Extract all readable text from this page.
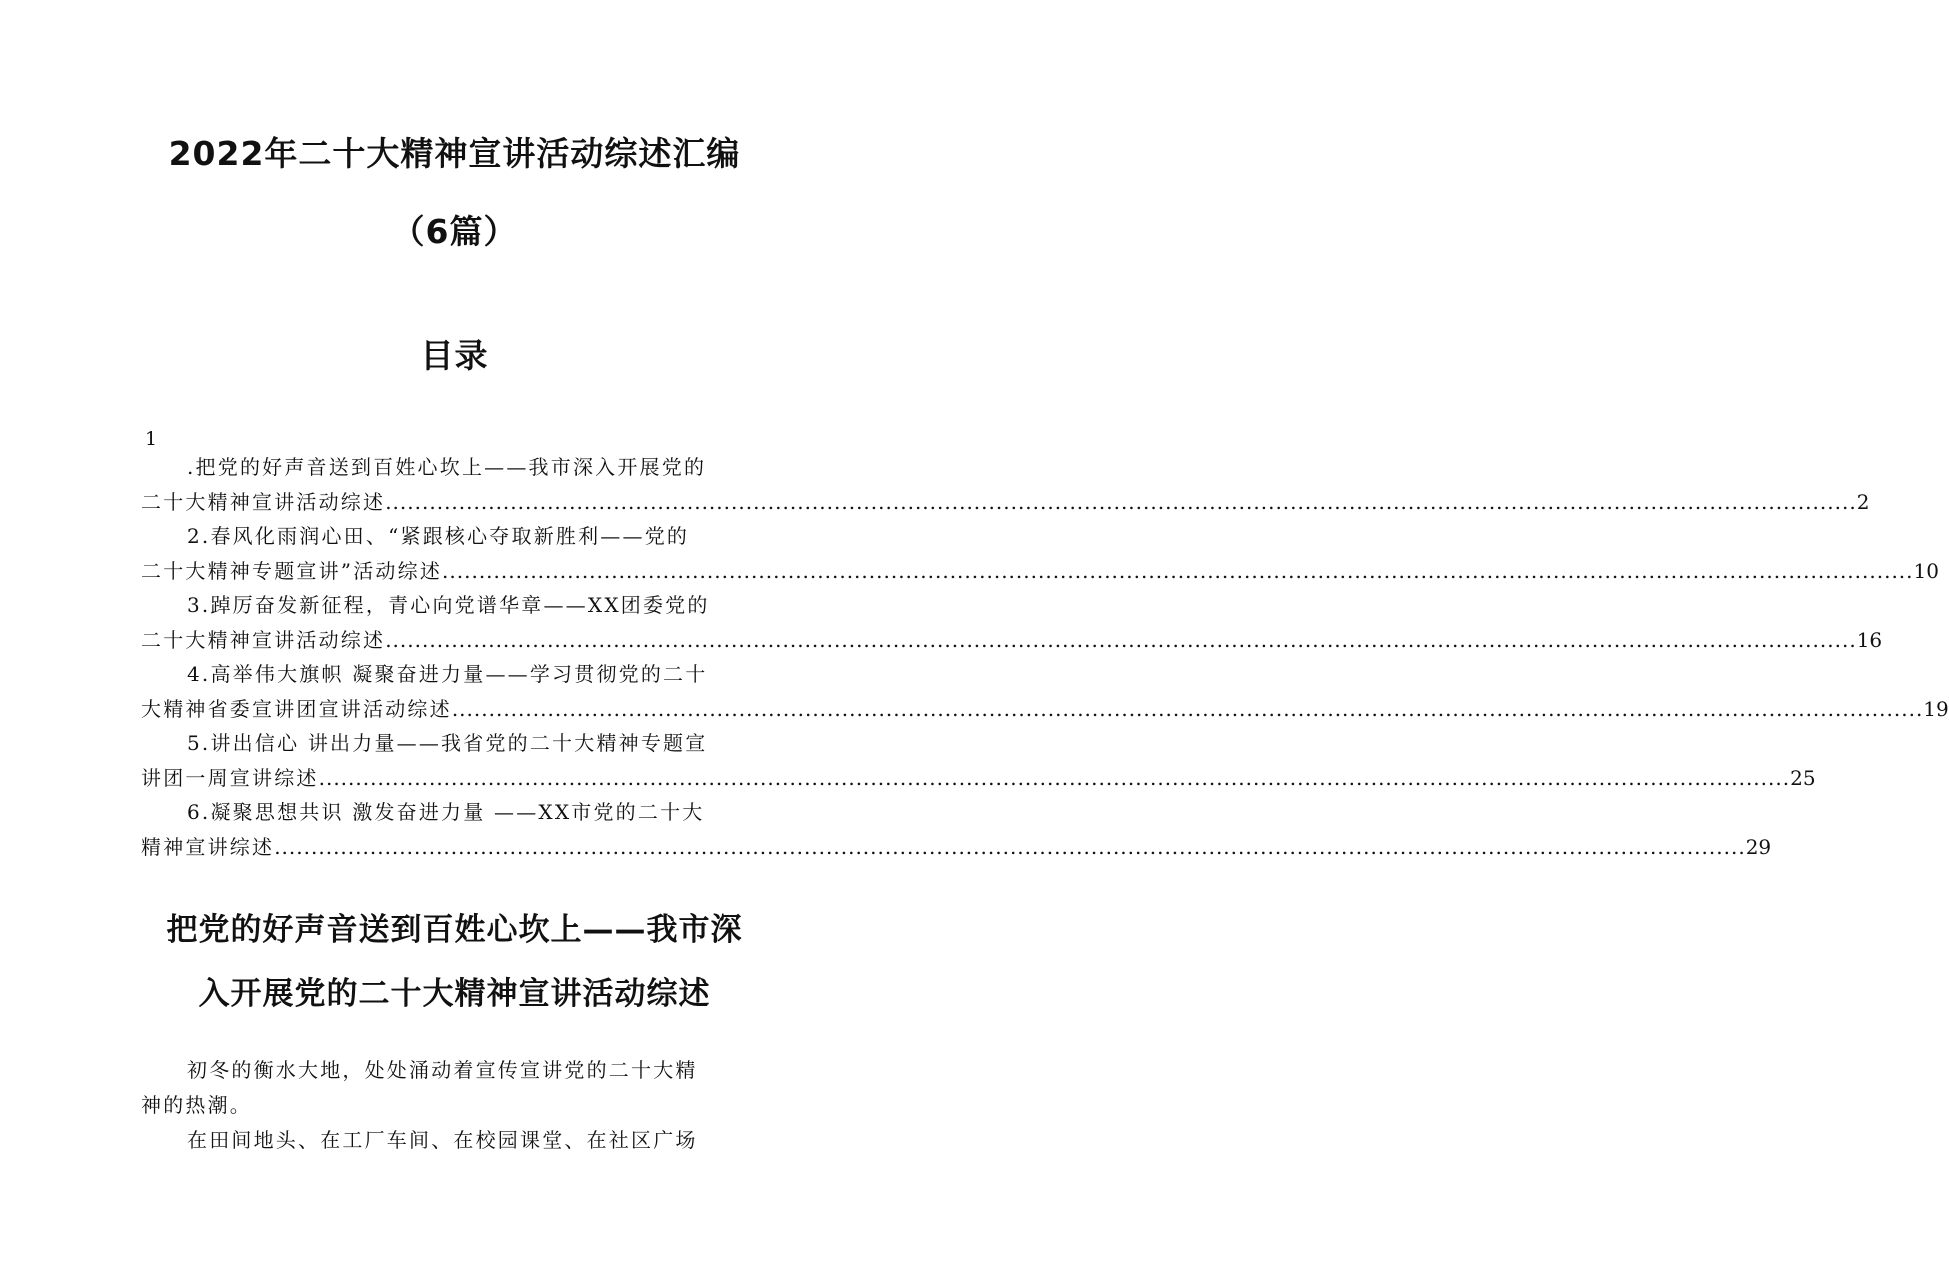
2022年二十大精神宣讲活动综述汇编
（6篇）
目录
1
.把党的好声音送到百姓心坎上——我市深入开展党的
二十大精神宣讲活动综述 ........................................................................................................................................................................................................ 2
2.春风化雨润心田、“紧跟核心夺取新胜利——党的
二十大精神专题宣讲”活动综述 ........................................................................................................................................................................................................ 10
3.踔厉奋发新征程，青心向党谱华章——XX团委党的
二十大精神宣讲活动综述 ........................................................................................................................................................................................................ 16
4.高举伟大旗帜 凝聚奋进力量——学习贯彻党的二十
大精神省委宣讲团宣讲活动综述 ........................................................................................................................................................................................................ 19
5.讲出信心 讲出力量——我省党的二十大精神专题宣
讲团一周宣讲综述 ........................................................................................................................................................................................................ 25
6.凝聚思想共识 激发奋进力量 ——XX市党的二十大
精神宣讲综述 ........................................................................................................................................................................................................ 29
把党的好声音送到百姓心坎上——我市深
入开展党的二十大精神宣讲活动综述
初冬的衡水大地，处处涌动着宣传宣讲党的二十大精
神的热潮。
在田间地头、在工厂车间、在校园课堂、在社区广场
